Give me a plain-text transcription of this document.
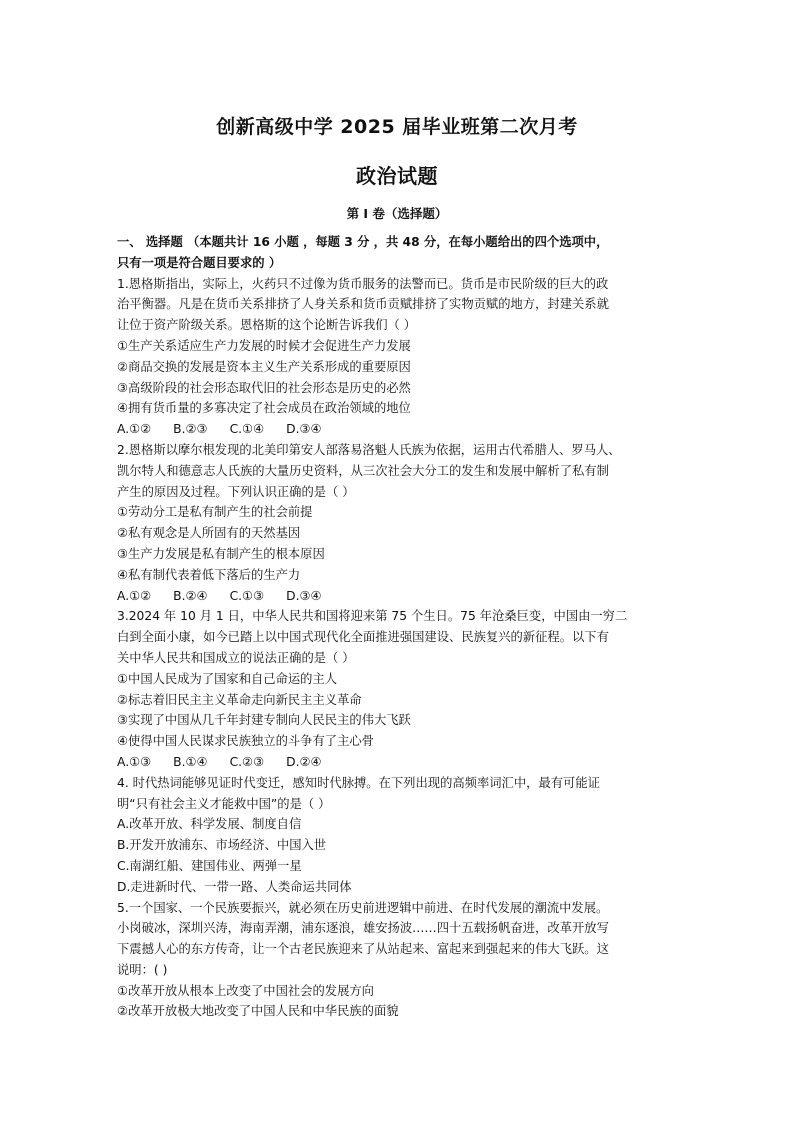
创新高级中学 2025 届毕业班第二次月考
政治试题
第 I 卷（选择题）
一、 选择题 （本题共计 16 小题 ，每题 3 分 ，共 48 分，在每小题给出的四个选项中，
只有一项是符合题目要求的 ）
1.恩格斯指出，实际上，火药只不过像为货币服务的法警而已。货币是市民阶级的巨大的政
治平衡器。凡是在货币关系排挤了人身关系和货币贡赋排挤了实物贡赋的地方，封建关系就
让位于资产阶级关系。恩格斯的这个论断告诉我们（ ）
①生产关系适应生产力发展的时候才会促进生产力发展
②商品交换的发展是资本主义生产关系形成的重要原因
③高级阶段的社会形态取代旧的社会形态是历史的必然
④拥有货币量的多寡决定了社会成员在政治领域的地位
A.①② B.②③ C.①④ D.③④
2.恩格斯以摩尔根发现的北美印第安人部落易洛魁人氏族为依据，运用古代希腊人、罗马人、
凯尔特人和德意志人氏族的大量历史资料，从三次社会大分工的发生和发展中解析了私有制
产生的原因及过程。下列认识正确的是（ ）
①劳动分工是私有制产生的社会前提
②私有观念是人所固有的天然基因
③生产力发展是私有制产生的根本原因
④私有制代表着低下落后的生产力
A.①② B.②④ C.①③ D.③④
3.2024 年 10 月 1 日，中华人民共和国将迎来第 75 个生日。75 年沧桑巨变，中国由一穷二
白到全面小康，如今已踏上以中国式现代化全面推进强国建设、民族复兴的新征程。以下有
关中华人民共和国成立的说法正确的是（ ）
①中国人民成为了国家和自己命运的主人
②标志着旧民主主义革命走向新民主主义革命
③实现了中国从几千年封建专制向人民民主的伟大飞跃
④使得中国人民谋求民族独立的斗争有了主心骨
A.①③ B.①④ C.②③ D.②④
4. 时代热词能够见证时代变迁，感知时代脉搏。在下列出现的高频率词汇中，最有可能证
明“只有社会主义才能救中国”的是（ ）
A.改革开放、科学发展、制度自信
B.开发开放浦东、市场经济、中国入世
C.南湖红船、建国伟业、两弹一星
D.走进新时代、一带一路、人类命运共同体
5.一个国家、一个民族要振兴，就必须在历史前进逻辑中前进、在时代发展的潮流中发展。
小岗破冰，深圳兴涛，海南弄潮，浦东逐浪，雄安扬波……四十五载扬帆奋进，改革开放写
下震撼人心的东方传奇，让一个古老民族迎来了从站起来、富起来到强起来的伟大飞跃。这
说明：( )
①改革开放从根本上改变了中国社会的发展方向
②改革开放极大地改变了中国人民和中华民族的面貌
